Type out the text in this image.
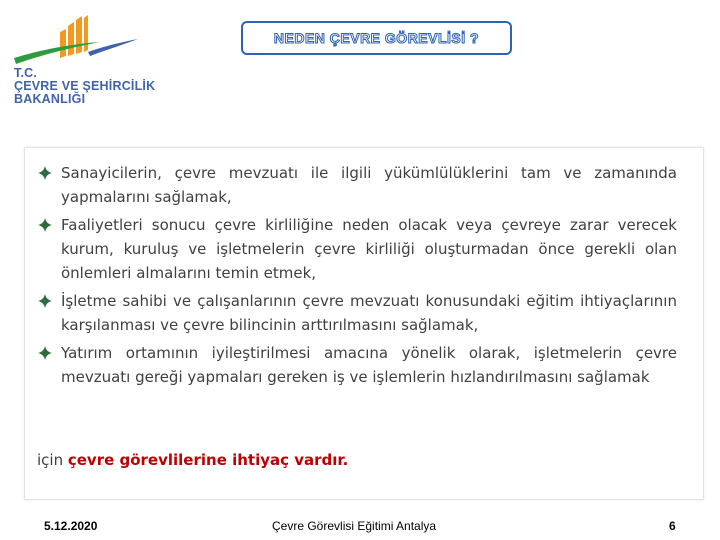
T.C.
ÇEVRE VE ŞEHİRCİLİK
BAKANLIĞI
NEDEN ÇEVRE GÖREVLİSİ ?
Sanayicilerin, çevre mevzuatı ile ilgili yükümlülüklerini tam ve zamanında yapmalarını sağlamak,
Faaliyetleri sonucu çevre kirliliğine neden olacak veya çevreye zarar verecek kurum, kuruluş ve işletmelerin çevre kirliliği oluşturmadan önce gerekli olan önlemleri almalarını temin etmek,
İşletme sahibi ve çalışanlarının çevre mevzuatı konusundaki eğitim ihtiyaçlarının karşılanması ve çevre bilincinin arttırılmasını sağlamak,
Yatırım ortamının iyileştirilmesi amacına yönelik olarak, işletmelerin çevre mevzuatı gereği yapmaları gereken iş ve işlemlerin hızlandırılmasını sağlamak
için çevre görevlilerine ihtiyaç vardır.
5.12.2020	Çevre Görevlisi Eğitimi Antalya	6
